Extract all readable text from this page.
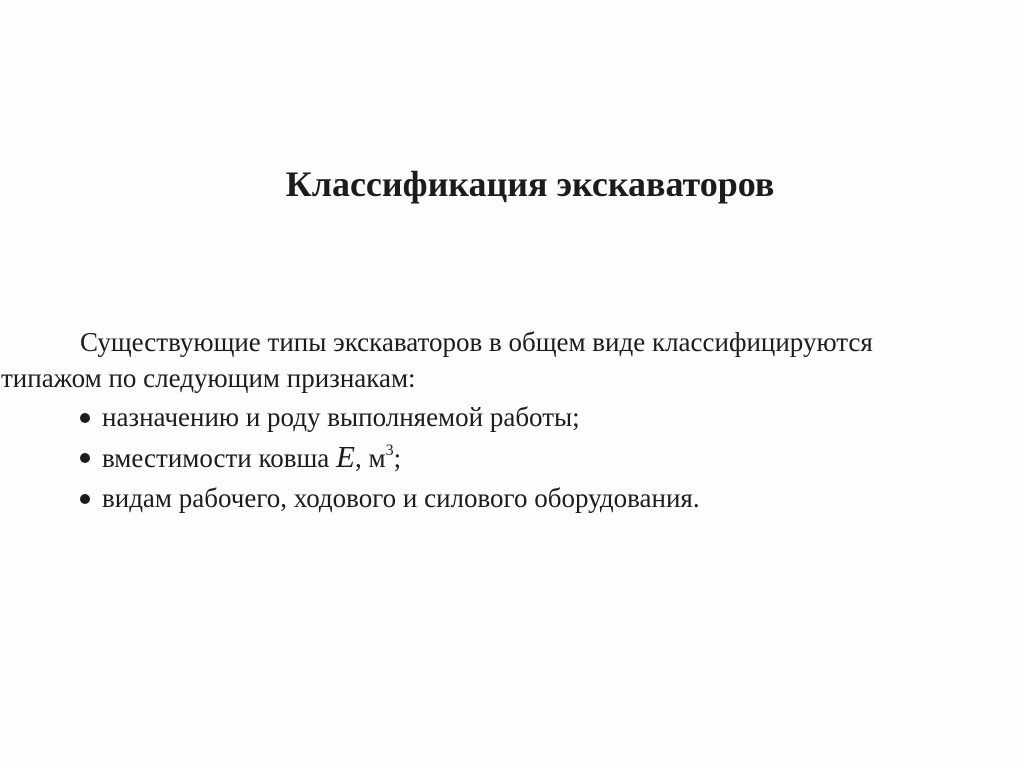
Классификация экскаваторов
Существующие типы экскаваторов в общем виде классифицируются
типажом по следующим признакам:
назначению и роду выполняемой работы;
вместимости ковша E, $м^3$;
видам рабочего, ходового и силового оборудования.
